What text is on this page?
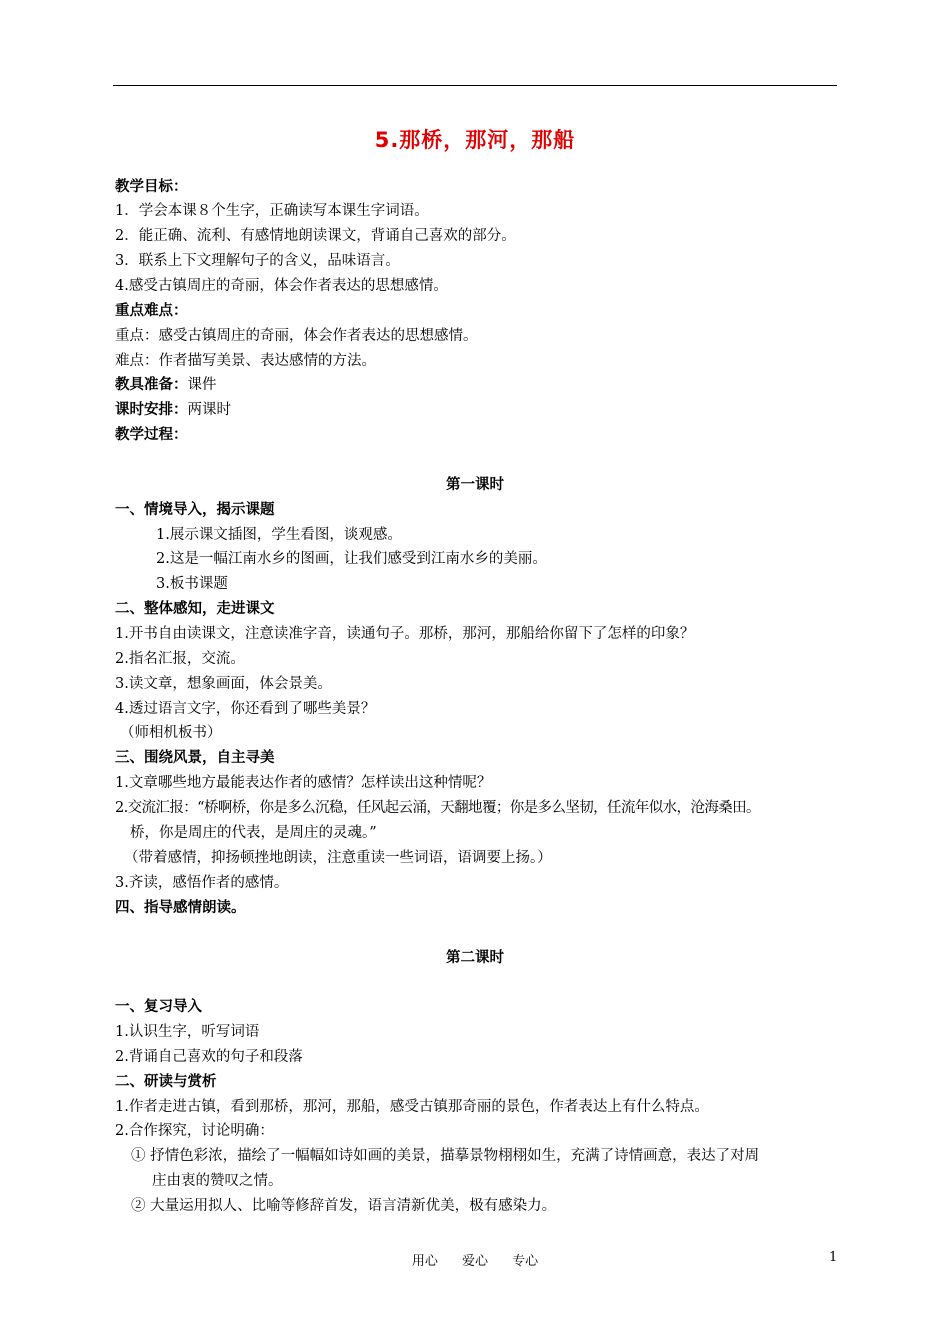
5.那桥，那河，那船
教学目标：
1．学会本课８个生字，正确读写本课生字词语。
2．能正确、流利、有感情地朗读课文，背诵自己喜欢的部分。
3．联系上下文理解句子的含义，品味语言。
4.感受古镇周庄的奇丽，体会作者表达的思想感情。
重点难点：
重点：感受古镇周庄的奇丽，体会作者表达的思想感情。
难点：作者描写美景、表达感情的方法。
教具准备：课件
课时安排：两课时
教学过程：
第一课时
一、情境导入，揭示课题
1.展示课文插图，学生看图，谈观感。
2.这是一幅江南水乡的图画，让我们感受到江南水乡的美丽。
3.板书课题
二、整体感知，走进课文
1.开书自由读课文，注意读准字音，读通句子。那桥，那河，那船给你留下了怎样的印象？
2.指名汇报，交流。
3.读文章，想象画面，体会景美。
4.透过语言文字，你还看到了哪些美景？
（师相机板书）
三、围绕风景，自主寻美
1.文章哪些地方最能表达作者的感情？怎样读出这种情呢？
2.交流汇报：“桥啊桥，你是多么沉稳，任风起云涌，天翻地覆；你是多么坚韧，任流年似水，沧海桑田。
桥，你是周庄的代表，是周庄的灵魂。”
（带着感情，抑扬顿挫地朗读，注意重读一些词语，语调要上扬。）
3.齐读，感悟作者的感情。
四、指导感情朗读。
第二课时
一、复习导入
1.认识生字，听写词语
2.背诵自己喜欢的句子和段落
二、研读与赏析
1.作者走进古镇，看到那桥，那河，那船，感受古镇那奇丽的景色，作者表达上有什么特点。
2.合作探究，讨论明确：
① 抒情色彩浓，描绘了一幅幅如诗如画的美景，描摹景物栩栩如生，充满了诗情画意，表达了对周
庄由衷的赞叹之情。
② 大量运用拟人、比喻等修辞首发，语言清新优美，极有感染力。
用心 爱心 专心	1
